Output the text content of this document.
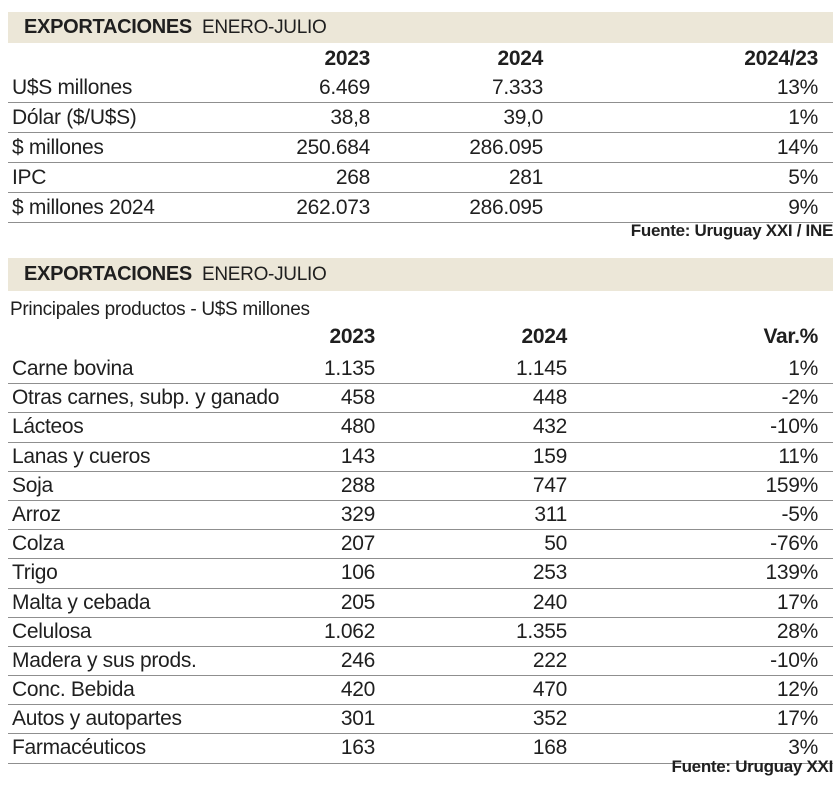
EXPORTACIONES ENERO-JULIO
2023	2024	2024/23
U$S millones	6.469	7.333	13%
Dólar ($/U$S)	38,8	39,0	1%
$ millones	250.684	286.095	14%
IPC	268	281	5%
$ millones 2024	262.073	286.095	9%
Fuente: Uruguay XXI / INE
EXPORTACIONES ENERO-JULIO
Principales productos - U$S millones
2023	2024	Var.%
Carne bovina	1.135	1.145	1%
Otras carnes, subp. y ganado	458	448	-2%
Lácteos	480	432	-10%
Lanas y cueros	143	159	11%
Soja	288	747	159%
Arroz	329	311	-5%
Colza	207	50	-76%
Trigo	106	253	139%
Malta y cebada	205	240	17%
Celulosa	1.062	1.355	28%
Madera y sus prods.	246	222	-10%
Conc. Bebida	420	470	12%
Autos y autopartes	301	352	17%
Farmacéuticos	163	168	3%
Fuente: Uruguay XXI
